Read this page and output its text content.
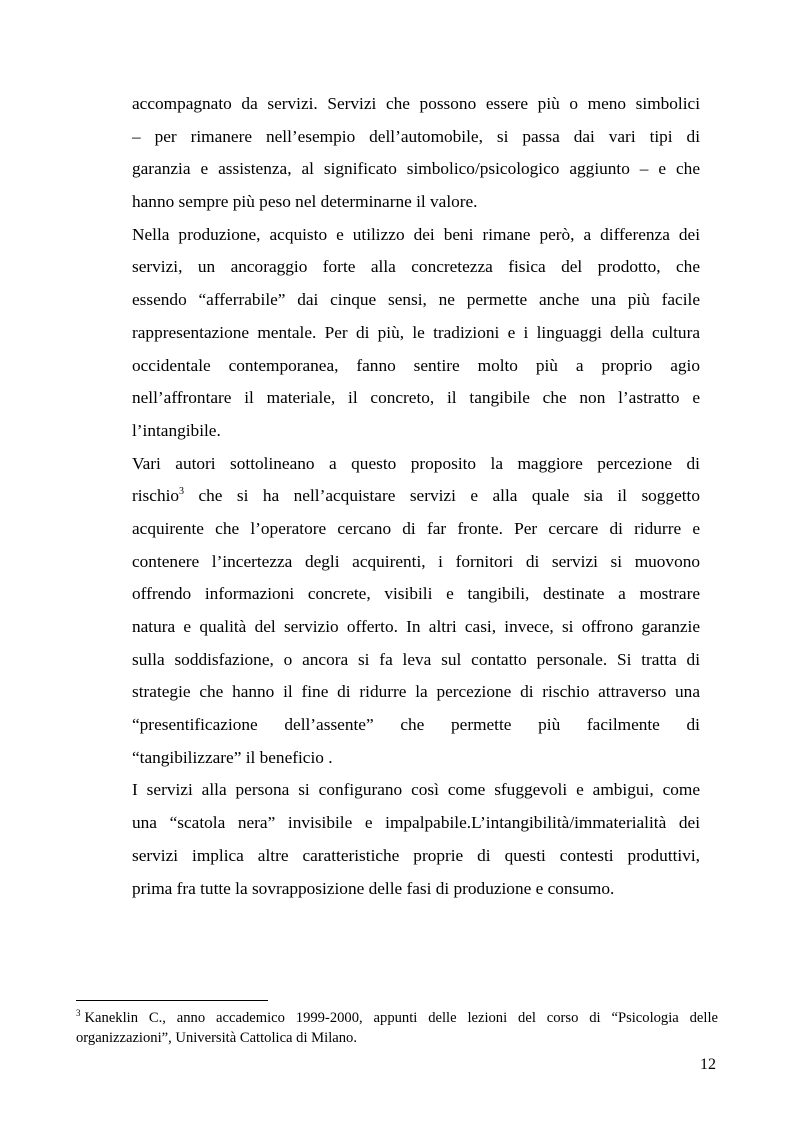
accompagnato da servizi. Servizi che possono essere più o meno simbolici
– per rimanere nell’esempio dell’automobile, si passa dai vari tipi di
garanzia e assistenza, al significato simbolico/psicologico aggiunto – e che
hanno sempre più peso nel determinarne il valore.
Nella produzione, acquisto e utilizzo dei beni rimane però, a differenza dei
servizi, un ancoraggio forte alla concretezza fisica del prodotto, che
essendo “afferrabile” dai cinque sensi, ne permette anche una più facile
rappresentazione mentale. Per di più, le tradizioni e i linguaggi della cultura
occidentale contemporanea, fanno sentire molto più a proprio agio
nell’affrontare il materiale, il concreto, il tangibile che non l’astratto e
l’intangibile.
Vari autori sottolineano a questo proposito la maggiore percezione di
rischio$^3$ che si ha nell’acquistare servizi e alla quale sia il soggetto
acquirente che l’operatore cercano di far fronte. Per cercare di ridurre e
contenere l’incertezza degli acquirenti, i fornitori di servizi si muovono
offrendo informazioni concrete, visibili e tangibili, destinate a mostrare
natura e qualità del servizio offerto. In altri casi, invece, si offrono garanzie
sulla soddisfazione, o ancora si fa leva sul contatto personale. Si tratta di
strategie che hanno il fine di ridurre la percezione di rischio attraverso una
“presentificazione dell’assente” che permette più facilmente di
“tangibilizzare” il beneficio .
I servizi alla persona si configurano così come sfuggevoli e ambigui, come
una “scatola nera” invisibile e impalpabile.L’intangibilità/immaterialità dei
servizi implica altre caratteristiche proprie di questi contesti produttivi,
prima fra tutte la sovrapposizione delle fasi di produzione e consumo.
$^3$ Kaneklin C., anno accademico 1999-2000, appunti delle lezioni del corso di “Psicologia delle
organizzazioni”, Università Cattolica di Milano.
12
